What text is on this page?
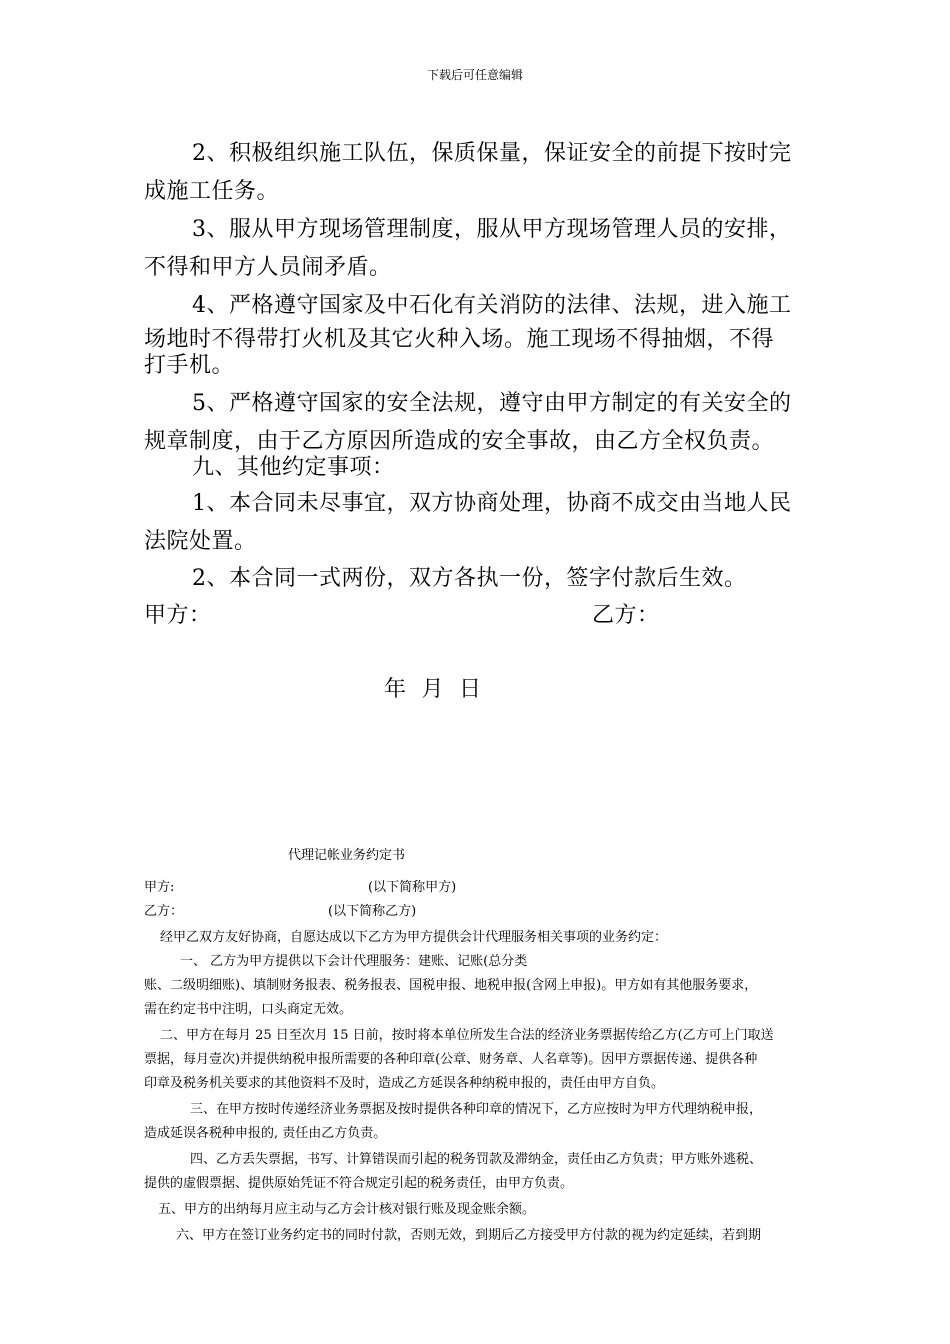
下载后可任意编辑
2、积极组织施工队伍，保质保量，保证安全的前提下按时完
成施工任务。
3、服从甲方现场管理制度，服从甲方现场管理人员的安排，
不得和甲方人员闹矛盾。
4、严格遵守国家及中石化有关消防的法律、法规，进入施工
场地时不得带打火机及其它火种入场。施工现场不得抽烟，不得
打手机。
5、严格遵守国家的安全法规，遵守由甲方制定的有关安全的
规章制度，由于乙方原因所造成的安全事故，由乙方全权负责。
九、其他约定事项：
1、本合同未尽事宜，双方协商处理，协商不成交由当地人民
法院处置。
2、本合同一式两份，双方各执一份，签字付款后生效。
甲方：	乙方：
年  月  日
代理记帐业务约定书
甲方:	(以下简称甲方)
乙方：	(以下简称乙方)
经甲乙双方友好协商，自愿达成以下乙方为甲方提供会计代理服务相关事项的业务约定：
一、 乙方为甲方提供以下会计代理服务：建账、记账(总分类
账、二级明细账)、填制财务报表、税务报表、国税申报、地税申报(含网上申报)。甲方如有其他服务要求，
需在约定书中注明，口头商定无效。
二、甲方在每月 25 日至次月 15 日前，按时将本单位所发生合法的经济业务票据传给乙方(乙方可上门取送
票据，每月壹次)并提供纳税申报所需要的各种印章(公章、财务章、人名章等)。因甲方票据传递、提供各种
印章及税务机关要求的其他资料不及时，造成乙方延误各种纳税申报的，责任由甲方自负。
三、在甲方按时传递经济业务票据及按时提供各种印章的情况下，乙方应按时为甲方代理纳税申报，
造成延误各税种申报的, 责任由乙方负责。
四、乙方丢失票据，书写、计算错误而引起的税务罚款及滞纳金，责任由乙方负责；甲方账外逃税、
提供的虚假票据、提供原始凭证不符合规定引起的税务责任，由甲方负责。
五、甲方的出纳每月应主动与乙方会计核对银行账及现金账余额。
六、甲方在签订业务约定书的同时付款，否则无效，到期后乙方接受甲方付款的视为约定延续，若到期
